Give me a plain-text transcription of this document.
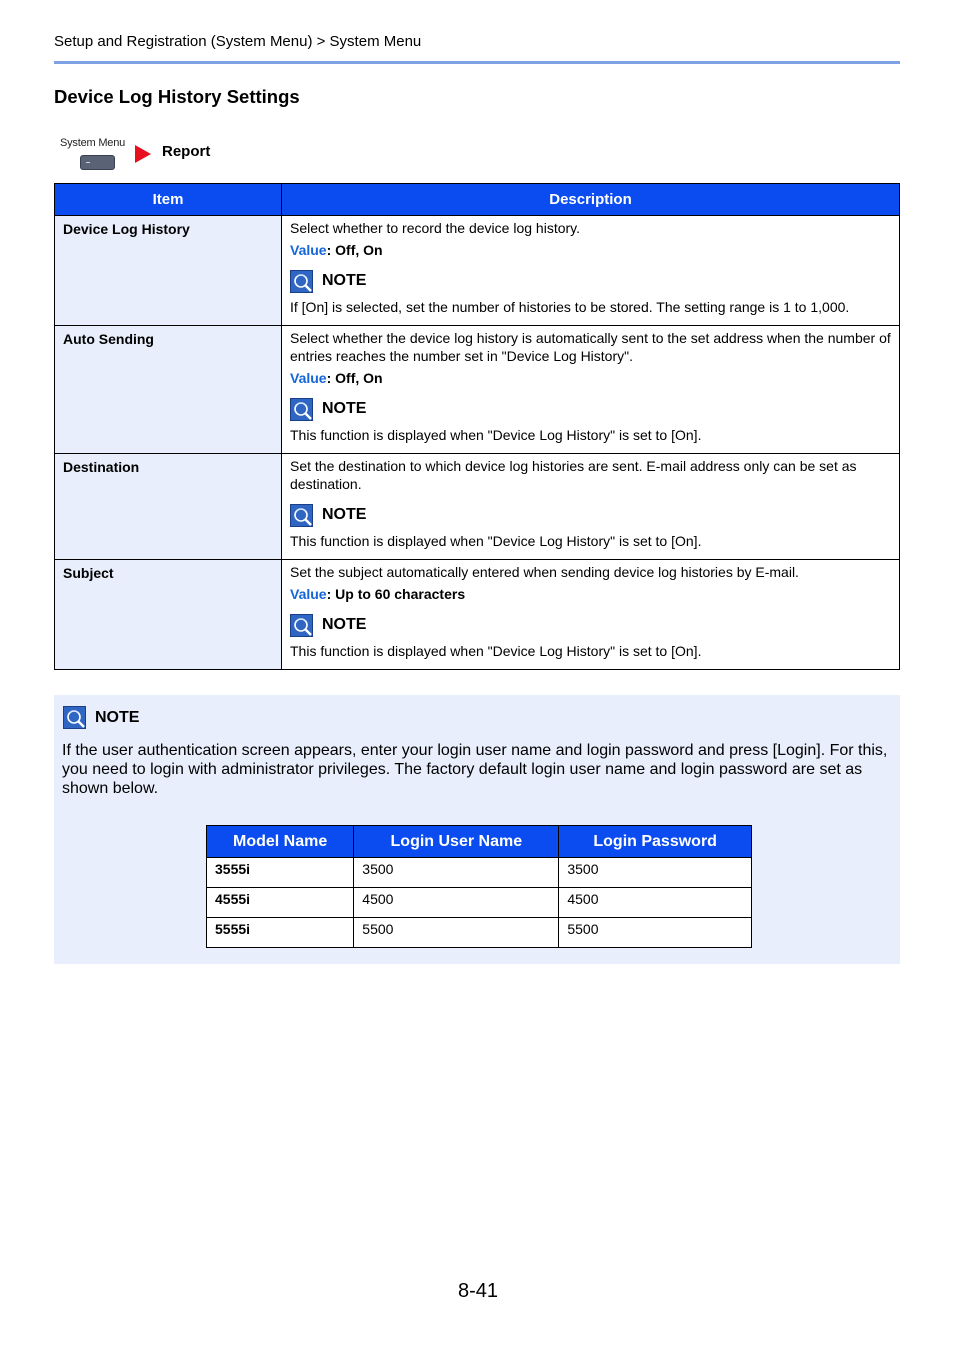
Setup and Registration (System Menu) > System Menu
Device Log History Settings
System Menu Report
Item	Description
Device Log History	Select whether to record the device log history.
Value: Off, On
NOTE
If [On] is selected, set the number of histories to be stored. The setting range is 1 to 1,000.

Auto Sending	Select whether the device log history is automatically sent to the set address when the number of entries reaches the number set in "Device Log History".
Value: Off, On
NOTE
This function is displayed when "Device Log History" is set to [On].

Destination	Set the destination to which device log histories are sent. E-mail address only can be set as destination.
NOTE
This function is displayed when "Device Log History" is set to [On].

Subject	Set the subject automatically entered when sending device log histories by E-mail.
Value: Up to 60 characters
NOTE
This function is displayed when "Device Log History" is set to [On].
NOTE

If the user authentication screen appears, enter your login user name and login password and press [Login]. For this, you need to login with administrator privileges. The factory default login user name and login password are set as shown below.

Model Name	Login User Name	Login Password
3555i	3500	3500
4555i	4500	4500
5555i	5500	5500
8-41
